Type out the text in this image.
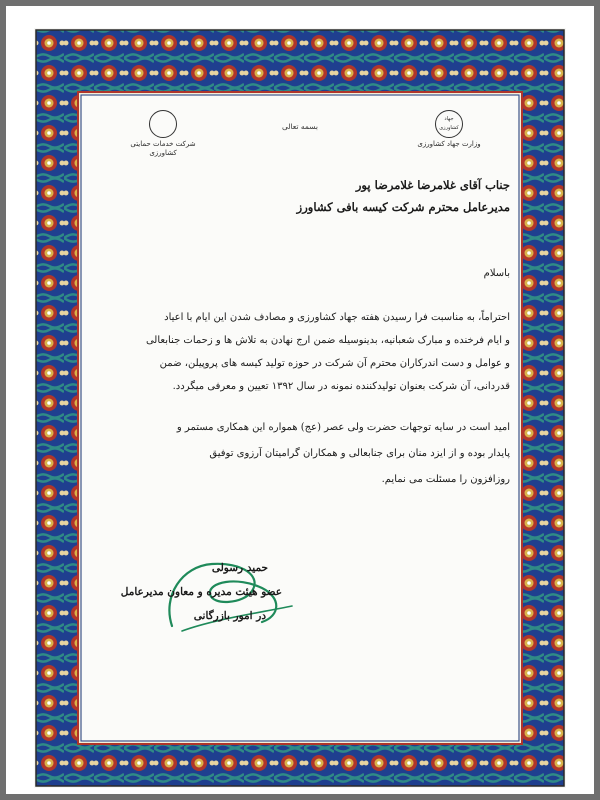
شرکت خدمات حمایتی کشاورزی
بسمه تعالی
جهاد کشاورزی
وزارت جهاد کشاورزی
جناب آقای غلامرضا غلامرضا پور
مدیرعامل محترم شرکت کیسه بافی کشاورز
باسلام
احتراماً، به مناسبت فرا رسیدن هفته جهاد کشاورزی و مصادف شدن این ایام با اعیاد
و ایام فرخنده و مبارک شعبانیه، بدینوسیله ضمن ارج نهادن به تلاش ها و زحمات جنابعالی
و عوامل و دست اندرکاران محترم آن شرکت در حوزه تولید کیسه های پروپیلن، ضمن
قدردانی، آن شرکت بعنوان تولیدکننده نمونه در سال ۱۳۹۲ تعیین و معرفی میگردد.
امید است در سایه توجهات حضرت ولی عصر (عج) همواره این همکاری مستمر و
پایدار بوده و از ایزد منان برای جنابعالی و همکاران گرامیتان آرزوی توفیق
روزافزون را مسئلت می نمایم.
حمید رسولی
عضو هیئت مدیره و معاون مدیرعامل
در امور بازرگانی
